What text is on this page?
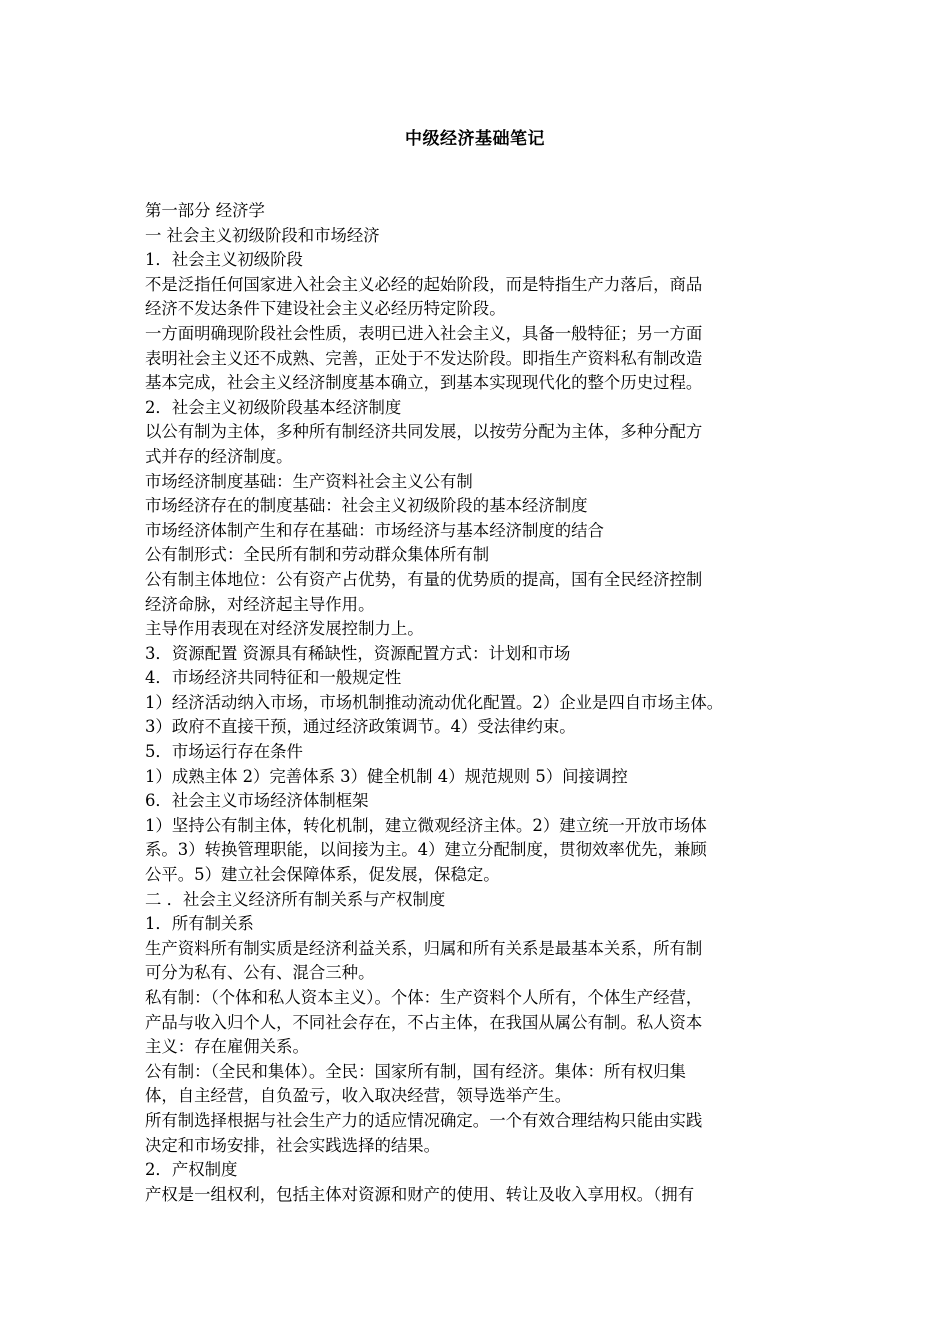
中级经济基础笔记
第一部分 经济学
一 社会主义初级阶段和市场经济
1．社会主义初级阶段
不是泛指任何国家进入社会主义必经的起始阶段，而是特指生产力落后，商品
经济不发达条件下建设社会主义必经历特定阶段。
一方面明确现阶段社会性质，表明已进入社会主义，具备一般特征；另一方面
表明社会主义还不成熟、完善，正处于不发达阶段。即指生产资料私有制改造
基本完成，社会主义经济制度基本确立，到基本实现现代化的整个历史过程。
2．社会主义初级阶段基本经济制度
以公有制为主体，多种所有制经济共同发展，以按劳分配为主体，多种分配方
式并存的经济制度。
市场经济制度基础：生产资料社会主义公有制
市场经济存在的制度基础：社会主义初级阶段的基本经济制度
市场经济体制产生和存在基础：市场经济与基本经济制度的结合
公有制形式：全民所有制和劳动群众集体所有制
公有制主体地位：公有资产占优势，有量的优势质的提高，国有全民经济控制
经济命脉，对经济起主导作用。
主导作用表现在对经济发展控制力上。
3．资源配置 资源具有稀缺性，资源配置方式：计划和市场
4．市场经济共同特征和一般规定性
1）经济活动纳入市场，市场机制推动流动优化配置。2）企业是四自市场主体。
3）政府不直接干预，通过经济政策调节。4）受法律约束。
5．市场运行存在条件
1）成熟主体 2）完善体系 3）健全机制 4）规范规则 5）间接调控
6．社会主义市场经济体制框架
1）坚持公有制主体，转化机制，建立微观经济主体。2）建立统一开放市场体
系。3）转换管理职能，以间接为主。4）建立分配制度，贯彻效率优先，兼顾
公平。5）建立社会保障体系，促发展，保稳定。
二 ．社会主义经济所有制关系与产权制度
1．所有制关系
生产资料所有制实质是经济利益关系，归属和所有关系是最基本关系，所有制
可分为私有、公有、混合三种。
私有制：（个体和私人资本主义）。个体：生产资料个人所有，个体生产经营，
产品与收入归个人，不同社会存在，不占主体，在我国从属公有制。私人资本
主义：存在雇佣关系。
公有制：（全民和集体）。全民：国家所有制，国有经济。集体：所有权归集
体，自主经营，自负盈亏，收入取决经营，领导选举产生。
所有制选择根据与社会生产力的适应情况确定。一个有效合理结构只能由实践
决定和市场安排，社会实践选择的结果。
2．产权制度
产权是一组权利，包括主体对资源和财产的使用、转让及收入享用权。（拥有
